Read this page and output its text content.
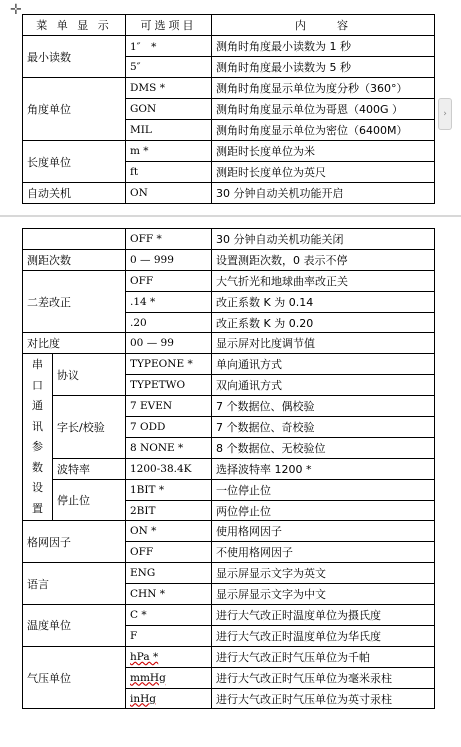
✛
菜 单 显 示	可选项目	内　　容
最小读数	1″　*	测角时角度最小读数为 1 秒
	5″	测角时角度最小读数为 5 秒
角度单位	DMS *	测角时角度显示单位为度分秒（360°）
	GON	测角时角度显示单位为哥恩（400G ）
	MIL	测角时角度显示单位为密位（6400M）
长度单位	m *	测距时长度单位为米
	ft	测距时长度单位为英尺
自动关机	ON	30 分钟自动关机功能开启
›
		OFF *	30 分钟自动关机功能关闭
测距次数		0 — 999	设置测距次数，0 表示不停
二差改正		OFF	大气折光和地球曲率改正关
		.14 *	改正系数 K 为 0.14
		.20	改正系数 K 为 0.20
对比度		00 — 99	显示屏对比度调节值
串口通讯参数设置	协议	TYPEONE *	单向通讯方式
		TYPETWO	双向通讯方式
	字长/校验	7 EVEN	7 个数据位、偶校验
		7 ODD	7 个数据位、奇校验
		8 NONE *	8 个数据位、无校验位
	波特率	1200-38.4K	选择波特率 1200 *
	停止位	1BIT *	一位停止位
		2BIT	两位停止位
格网因子		ON *	使用格网因子
		OFF	不使用格网因子
语言		ENG	显示屏显示文字为英文
		CHN *	显示屏显示文字为中文
温度单位		C *	进行大气改正时温度单位为摄氏度
		F	进行大气改正时温度单位为华氏度
气压单位		hPa *	进行大气改正时气压单位为千帕
		mmHg	进行大气改正时气压单位为毫米汞柱
		inHg	进行大气改正时气压单位为英寸汞柱
